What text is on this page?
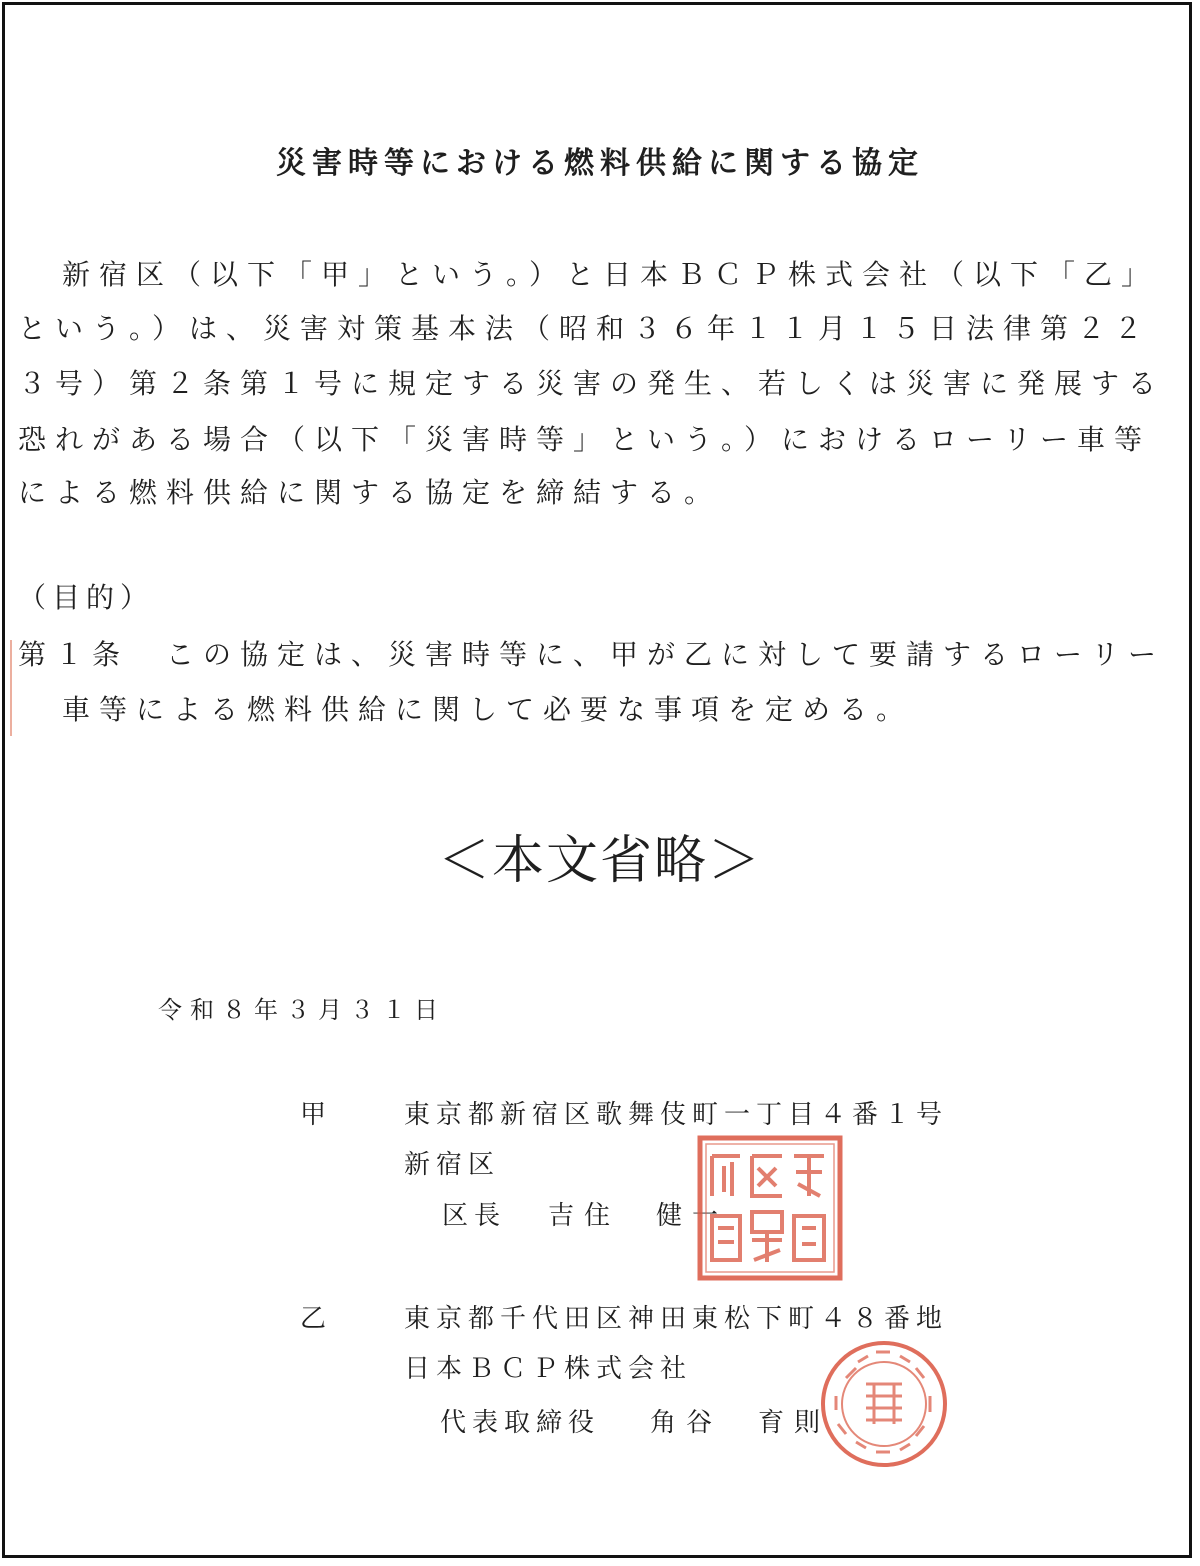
災害時等における燃料供給に関する協定
新宿区（以下「甲」という。）と日本ＢＣＰ株式会社（以下「乙」
という。）は、災害対策基本法（昭和３６年１１月１５日法律第２２
３号）第２条第１号に規定する災害の発生、若しくは災害に発展する
恐れがある場合（以下「災害時等」という。）におけるローリー車等
による燃料供給に関する協定を締結する。
（目的）
第１条　この協定は、災害時等に、甲が乙に対して要請するローリー
車等による燃料供給に関して必要な事項を定める。
＜本文省略＞
令和８年３月３１日
甲	東京都新宿区歌舞伎町一丁目４番１号
新宿区
区長 吉住　健一
乙	東京都千代田区神田東松下町４８番地
日本ＢＣＰ株式会社
代表取締役 角谷　育則
